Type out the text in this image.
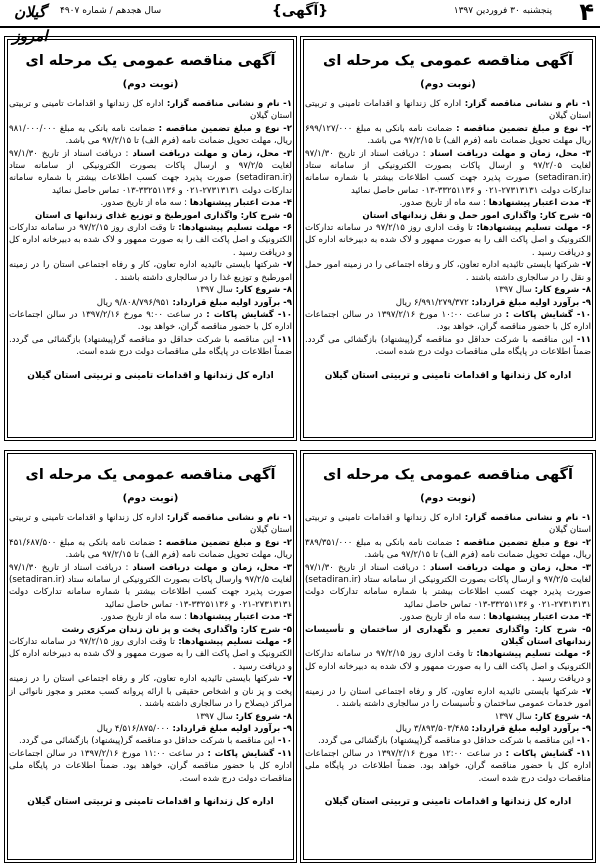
۴
پنجشنبه ۳۰ فروردین ۱۳۹۷
{آگهی}
سال هجدهم / شماره ۴۹۰۷
گیلان امروز
آگهی مناقصه عمومی یک مرحله ای
(نوبت دوم)

۱- نام و نشانی مناقصه گزار: اداره کل زندانها و اقدامات تامینی و تربیتی استان گیلان

۲- نوع و مبلغ تضمین مناقصه : ضمانت نامه بانکی به مبلغ ۶۹۹/۱۲۷/۰۰۰ ریال مهلت تحویل ضمانت نامه (فرم الف) تا ۹۷/۲/۱۵ می باشد.

۳- محل، زمان و مهلت دریافت اسناد : دریافت اسناد از تاریخ ۹۷/۱/۳۰ لغایت ۹۷/۲/۰۵ و ارسال پاکات بصورت الکترونیکی از سامانه ستاد (setadiran.ir) صورت پذیرد جهت کسب اطلاعات بیشتر با شماره سامانه تدارکات دولت ۲۷۳۱۳۱۳۱-۰۲۱ و ۳۳۲۵۱۱۳۶-۰۱۳ تماس حاصل نمائید

۴- مدت اعتبار پیشنهادها : سه ماه از تاریخ صدور.

۵- شرح کار: واگذاری امور حمل و نقل زندانهای استان

۶- مهلت تسلیم پیشنهادها: تا وقت اداری روز ۹۷/۲/۱۵ در سامانه تدارکات الکترونیک و اصل پاکت الف را به صورت ممهور و لاک شده به دبیرخانه اداره کل و دریافت رسید .

۷- شرکتها بایستی تائیدیه اداره تعاون، کار و رفاه اجتماعی را در زمینه امور حمل و نقل را در سالجاری داشته باشند .

۸- شروع کار: سال ۱۳۹۷

۹- برآورد اولیه مبلغ قرارداد: ۶/۹۹۱/۲۷۹/۳۷۲ ریال

۱۰- گشایش پاکات : در ساعت ۱۰:۰۰ مورخ ۱۳۹۷/۲/۱۶ در سالن اجتماعات اداره کل با حضور مناقصه گران، خواهد بود.

۱۱- این مناقصه با شرکت حداقل دو مناقصه گر(پیشنهاد) بازگشائی می گردد. ضمناً اطلاعات در پایگاه ملی مناقصات دولت درج شده است.

اداره کل زندانها و اقدامات تامینی و تربیتی استان گیلان
آگهی مناقصه عمومی یک مرحله ای
(نوبت دوم)

۱- نام و نشانی مناقصه گزار: اداره کل زندانها و اقدامات تامینی و تربیتی استان گیلان

۲- نوع و مبلغ تضمین مناقصه : ضمانت نامه بانکی به مبلغ ۹۸۱/۰۰۰/۰۰۰ ریال، مهلت تحویل ضمانت نامه (فرم الف) تا ۹۷/۲/۱۵ می باشد.

۳- محل، زمان و مهلت دریافت اسناد : دریافت اسناد از تاریخ ۹۷/۱/۳۰ لغایت ۹۷/۲/۵ و ارسال پاکات بصورت الکترونیکی از سامانه ستاد (setadiran.ir) صورت پذیرد جهت کسب اطلاعات بیشتر با شماره سامانه تدارکات دولت ۲۷۳۱۳۱۳۱-۰۲۱ و ۳۳۲۵۱۱۳۶-۰۱۳ تماس حاصل نمائید

۴- مدت اعتبار پیشنهادها : سه ماه از تاریخ صدور.

۵- شرح کار: واگذاری امورطبخ و توزیع غذای زندانها ی استان

۶- مهلت تسلیم پیشنهادها: تا وقت اداری روز ۹۷/۲/۱۵ در سامانه تدارکات الکترونیک و اصل پاکت الف را به صورت ممهور و لاک شده به دبیرخانه اداره کل و دریافت رسید .

۷- شرکتها بایستی تائیدیه اداره تعاون، کار و رفاه اجتماعی استان را در زمینه امورطبخ و توزیع غذا را در سالجاری داشته باشند .

۸- شروع کار: سال ۱۳۹۷

۹- برآورد اولیه مبلغ قرارداد: ۹/۸۰۸/۷۹۶/۹۵۱ ریال

۱۰- گشایش پاکات : در ساعت ۹:۰۰ مورخ ۱۳۹۷/۲/۱۶ در سالن اجتماعات اداره کل با حضور مناقصه گران، خواهد بود.

۱۱- این مناقصه با شرکت حداقل دو مناقصه گر(پیشنهاد) بازگشائی می گردد. ضمناً اطلاعات در پایگاه ملی مناقصات دولت درج شده است.

اداره کل زندانها و اقدامات تامینی و تربیتی استان گیلان
آگهی مناقصه عمومی یک مرحله ای
(نوبت دوم)

۱- نام و نشانی مناقصه گزار: اداره کل زندانها و اقدامات تامینی و تربیتی استان گیلان

۲- نوع و مبلغ تضمین مناقصه : ضمانت نامه بانکی به مبلغ ۳۸۹/۳۵۱/۰۰۰ ریال، مهلت تحویل ضمانت نامه (فرم الف) تا ۹۷/۲/۱۵ می باشد.

۳- محل، زمان و مهلت دریافت اسناد : دریافت اسناد از تاریخ ۹۷/۱/۳۰ لغایت ۹۷/۲/۵ و ارسال پاکات بصورت الکترونیکی از سامانه ستاد (setadiran.ir) صورت پذیرد جهت کسب اطلاعات بیشتر با شماره سامانه تدارکات دولت ۲۷۳۱۳۱۳۱-۰۲۱ و ۳۳۲۵۱۱۳۶-۰۱۳ تماس حاصل نمائید

۴- مدت اعتبار پیشنهادها : سه ماه از تاریخ صدور.

۵- شرح کار: واگذاری تعمیر و نگهداری از ساختمان و تأسیسات زندانهای استان گیلان

۶- مهلت تسلیم پیشنهادها: تا وقت اداری روز ۹۷/۲/۱۵ در سامانه تدارکات الکترونیک و اصل پاکت الف را به صورت ممهور و لاک شده به دبیرخانه اداره کل و دریافت رسید .

۷- شرکتها بایستی تائیدیه اداره تعاون، کار و رفاه اجتماعی استان را در زمینه امور خدمات عمومی ساختمان و تأسیسات را در سالجاری داشته باشند .

۸- شروع کار: سال ۱۳۹۷

۹- برآورد اولیه مبلغ قرارداد: ۳/۸۹۳/۵۰۳/۴۸۵ ریال

۱۰- این مناقصه با شرکت حداقل دو مناقصه گر(پیشنهاد) بازگشائی می گردد.

۱۱- گشایش پاکات : در ساعت ۱۲:۰۰ مورخ ۱۳۹۷/۲/۱۶ در سالن اجتماعات اداره کل با حضور مناقصه گران، خواهد بود. ضمناً اطلاعات در پایگاه ملی مناقصات دولت درج شده است.

اداره کل زندانها و اقدامات تامینی و تربیتی استان گیلان
آگهی مناقصه عمومی یک مرحله ای
(نوبت دوم)

۱- نام و نشانی مناقصه گزار: اداره کل زندانها و اقدامات تامینی و تربیتی استان گیلان

۲- نوع و مبلغ تضمین مناقصه : ضمانت نامه بانکی به مبلغ ۴۵۱/۶۸۷/۵۰۰ ریال، مهلت تحویل ضمانت نامه (فرم الف) تا ۹۷/۲/۱۵ می باشد.

۳- محل، زمان و مهلت دریافت اسناد : دریافت اسناد از تاریخ ۹۷/۱/۳۰ لغایت ۹۷/۲/۵ وارسال پاکات بصورت الکترونیکی از سامانه ستاد (setadiran.ir) صورت پذیرد جهت کسب اطلاعات بیشتر با شماره سامانه تدارکات دولت ۲۷۳۱۳۱۳۱-۰۲۱ و ۳۳۲۵۱۱۳۶-۰۱۳ تماس حاصل نمائید

۴- مدت اعتبار پیشنهادها : سه ماه از تاریخ صدور.

۵- شرح کار: واگذاری پخت و پز نان زندان مرکزی رشت

۶- مهلت تسلیم پیشنهادها: تا وقت اداری روز ۹۷/۲/۱۵ در سامانه تدارکات الکترونیک و اصل پاکت الف را به صورت ممهور و لاک شده به دبیرخانه اداره کل و دریافت رسید .

۷- شرکتها بایستی تائیدیه اداره تعاون، کار و رفاه اجتماعی استان را در زمینه پخت و پز نان و اشخاص حقیقی با ارائه پروانه کسب معتبر و مجوز نانوائی از مراکز ذیصلاح را در سالجاری داشته باشند .

۸- شروع کار: سال ۱۳۹۷

۹- برآورد اولیه مبلغ قرارداد: ۴/۵۱۶/۸۷۵/۰۰۰ ریال

۱۰- این مناقصه با شرکت حداقل دو مناقصه گر(پیشنهاد) بازگشائی می گردد.

۱۱- گشایش پاکات : در ساعت ۱۱:۰۰ مورخ ۱۳۹۷/۲/۱۶ در سالن اجتماعات اداره کل با حضور مناقصه گران، خواهد بود. ضمناً اطلاعات در پایگاه ملی مناقصات دولت درج شده است.

اداره کل زندانها و اقدامات تامینی و تربیتی استان گیلان
